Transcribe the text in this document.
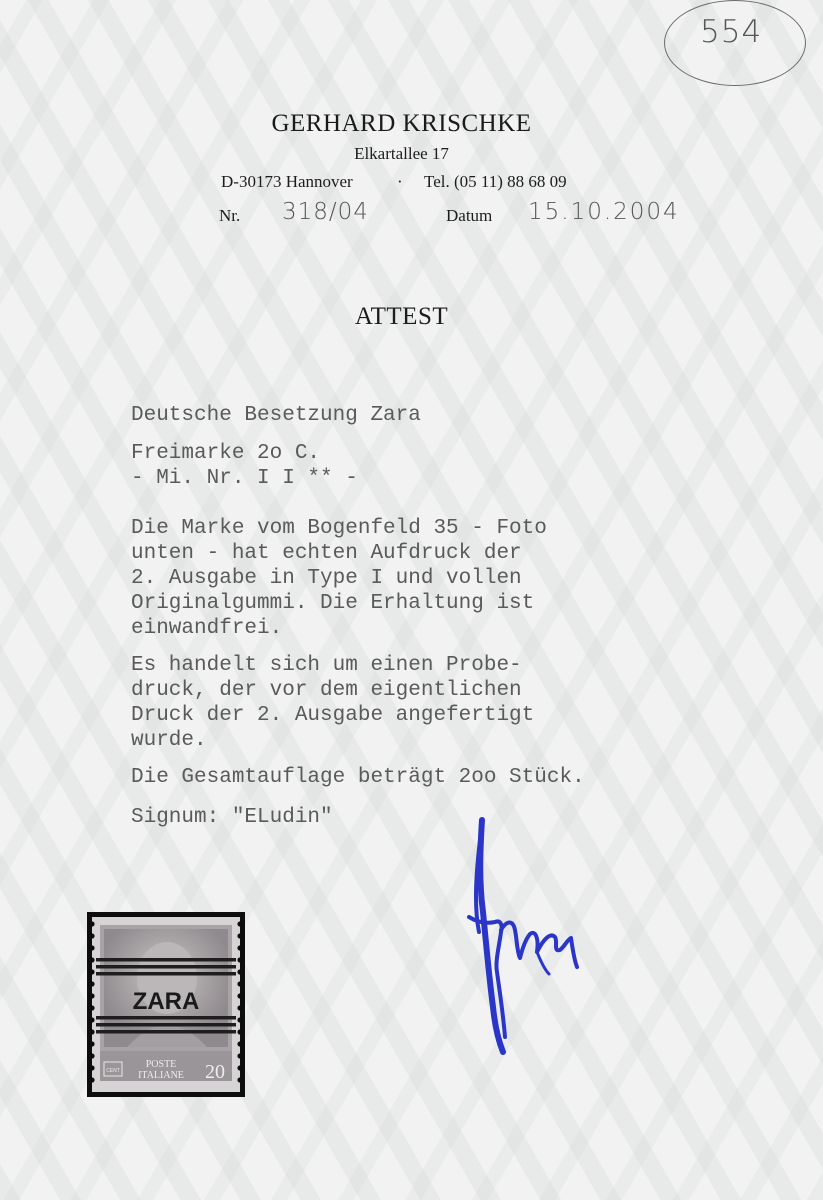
554
GERHARD KRISCHKE
Elkartallee 17
D-30173 Hannover	· Tel. (05 11) 88 68 09
Nr. 318/04	Datum 15.10.2004
ATTEST
Deutsche Besetzung Zara
Freimarke 2o C.
- Mi. Nr. I I ** -
Die Marke vom Bogenfeld 35 - Foto
unten - hat echten Aufdruck der
2. Ausgabe in Type I und vollen
Originalgummi. Die Erhaltung ist
einwandfrei.
Es handelt sich um einen Probe-
druck, der vor dem eigentlichen
Druck der 2. Ausgabe angefertigt
wurde.
Die Gesamtauflage beträgt 2oo Stück.
Signum: "ELudin"
ZARA
CENT
POSTE
ITALIANE 20
